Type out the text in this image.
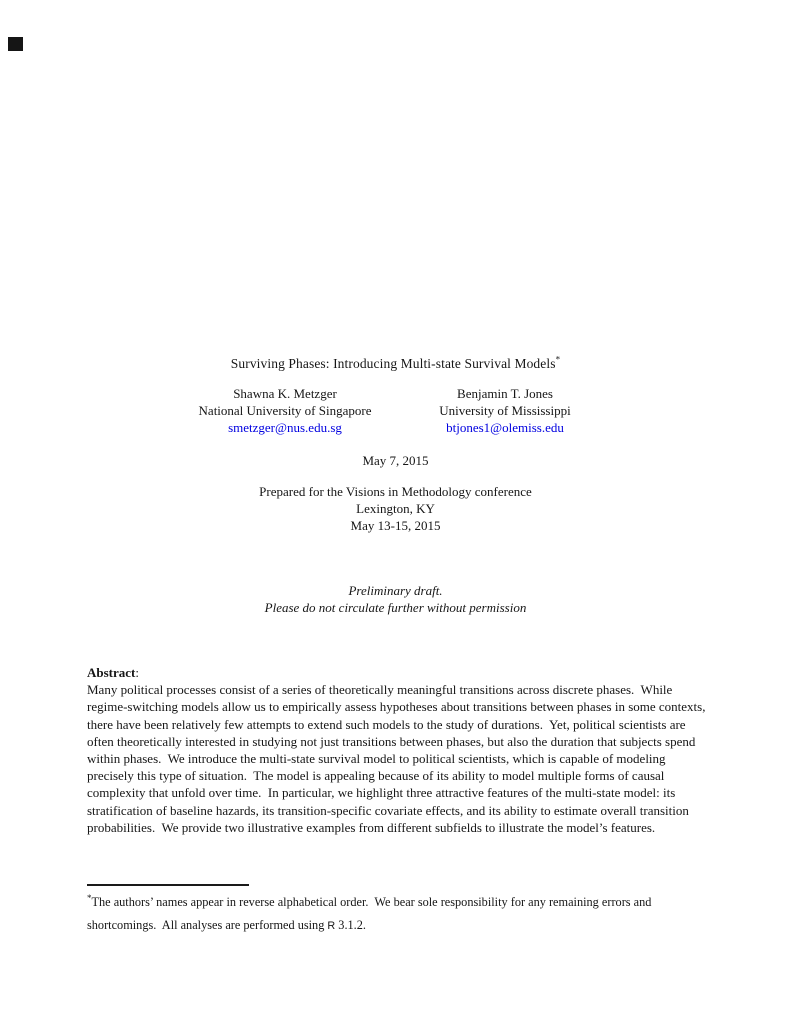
Surviving Phases: Introducing Multi-state Survival Models*
Shawna K. Metzger
National University of Singapore
smetzger@nus.edu.sg
Benjamin T. Jones
University of Mississippi
btjones1@olemiss.edu
May 7, 2015
Prepared for the Visions in Methodology conference
Lexington, KY
May 13-15, 2015
Preliminary draft.
Please do not circulate further without permission
Abstract:

Many political processes consist of a series of theoretically meaningful transitions across discrete phases.  While regime-switching models allow us to empirically assess hypotheses about transitions between phases in some contexts, there have been relatively few attempts to extend such models to the study of durations.  Yet, political scientists are often theoretically interested in studying not just transitions between phases, but also the duration that subjects spend within phases.  We introduce the multi-state survival model to political scientists, which is capable of modeling precisely this type of situation.  The model is appealing because of its ability to model multiple forms of causal complexity that unfold over time.  In particular, we highlight three attractive features of the multi-state model: its stratification of baseline hazards, its transition-specific covariate effects, and its ability to estimate overall transition probabilities.  We provide two illustrative examples from different subfields to illustrate the model’s features.

*The authors’ names appear in reverse alphabetical order.  We bear sole responsibility for any remaining errors and shortcomings.  All analyses are performed using R 3.1.2.
